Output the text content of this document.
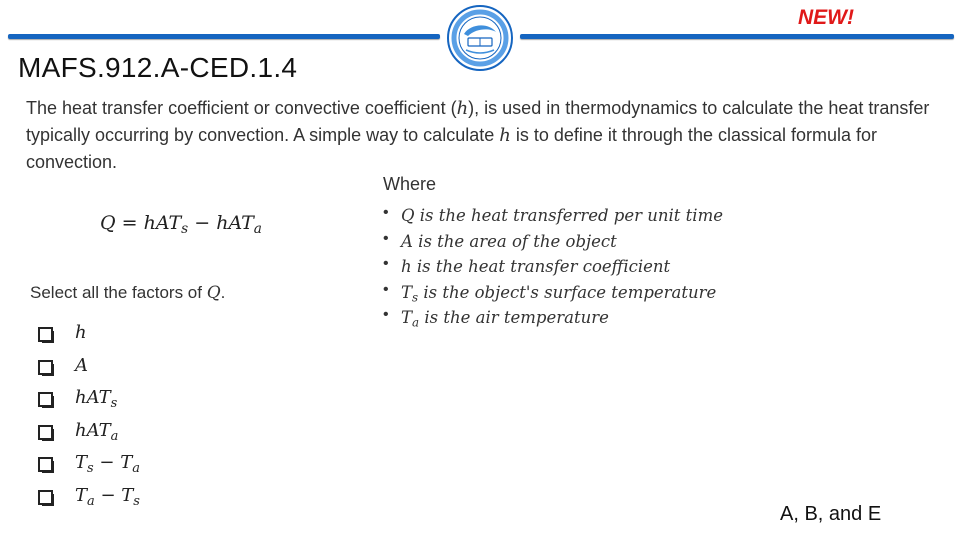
NEW!
MAFS.912.A-CED.1.4

The heat transfer coefficient or convective coefficient (h), is used in thermodynamics to calculate the heat transfer typically occurring by convection. A simple way to calculate h is to define it through the classical formula for convection.

Q = hAT$_s$ − hAT$_a$
Where
• Q is the heat transferred per unit time
• A is the area of the object
• h is the heat transfer coefficient
• $T_s$ is the object's surface temperature
• $T_a$ is the air temperature
Select all the factors of Q.
h
A
hAT$_s$
hAT$_a$
$T_s - T_a$
$T_a - T_s$
A, B, and E
